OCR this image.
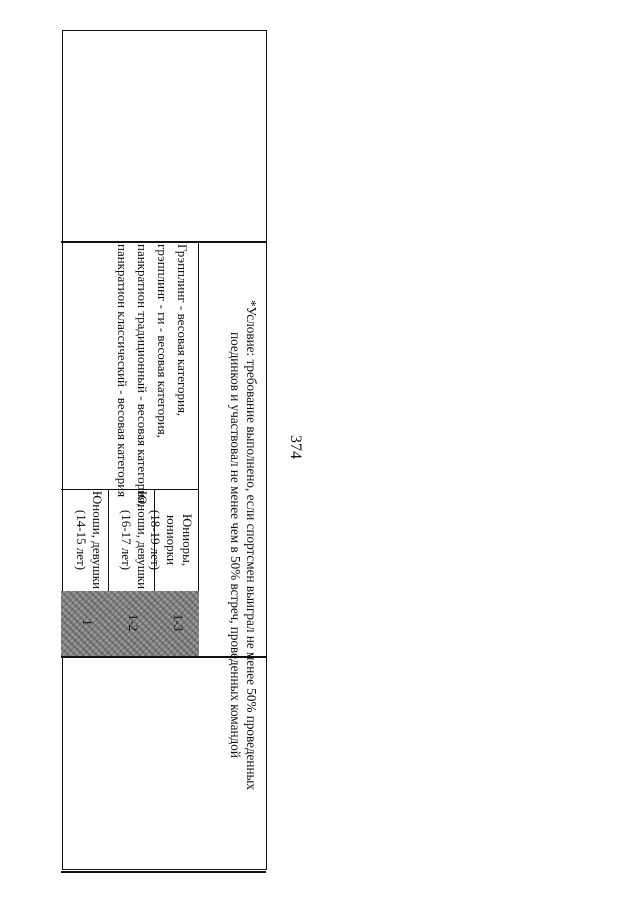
374
*Условие: требование выполнено, если спортсмен выиграл не менее 50% проведенных
поединков и участвовал не менее чем в 50% встреч, проведенных командой
Грэпплинг - весовая категория,
грэпплинг - ги - весовая категория,
панкратион традиционный - весовая категория,
панкратион классический - весовая категория
Юниоры, юниорки
(18-19 лет)
Юноши, девушки
(16-17 лет)
Юноши, девушки
(14-15 лет)
1-3
1-2
1
